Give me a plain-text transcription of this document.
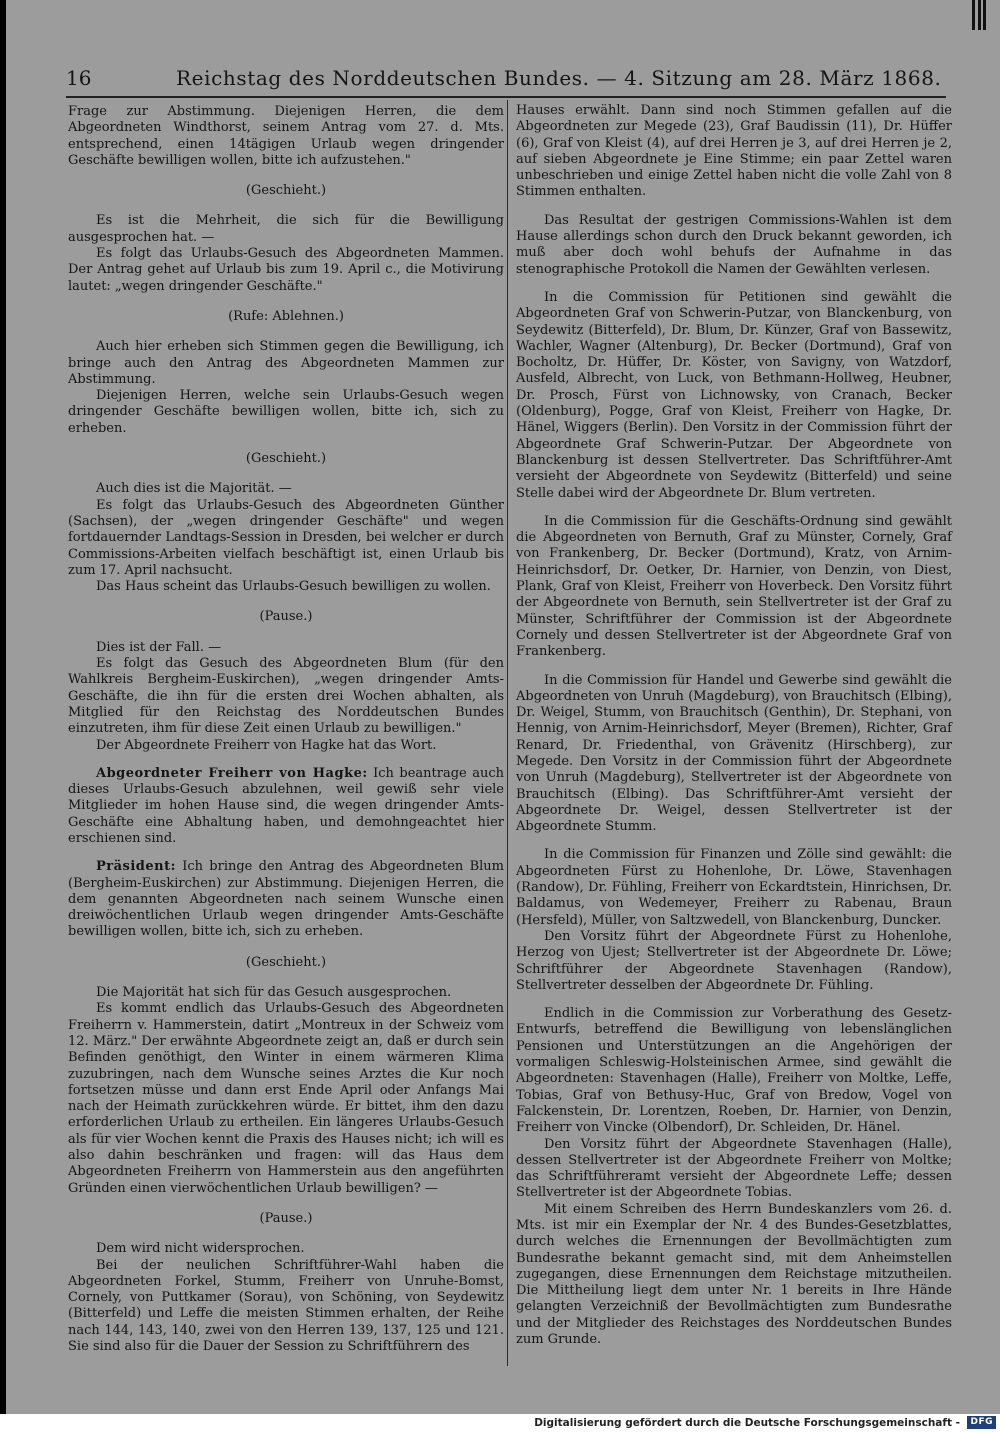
16	Reichstag des Norddeutschen Bundes. — 4. Sitzung am 28. März 1868.

Frage zur Abstimmung. Diejenigen Herren, die dem Abgeordneten Windthorst, seinem Antrag vom 27. d. Mts. entsprechend, einen 14tägigen Urlaub wegen dringender Geschäfte bewilligen wollen, bitte ich aufzustehen."

(Geschieht.)

Es ist die Mehrheit, die sich für die Bewilligung ausgesprochen hat. —

Es folgt das Urlaubs-Gesuch des Abgeordneten Mammen. Der Antrag gehet auf Urlaub bis zum 19. April c., die Motivirung lautet: „wegen dringender Geschäfte."

(Rufe: Ablehnen.)

Auch hier erheben sich Stimmen gegen die Bewilligung, ich bringe auch den Antrag des Abgeordneten Mammen zur Abstimmung.

Diejenigen Herren, welche sein Urlaubs-Gesuch wegen dringender Geschäfte bewilligen wollen, bitte ich, sich zu erheben.

(Geschieht.)

Auch dies ist die Majorität. —

Es folgt das Urlaubs-Gesuch des Abgeordneten Günther (Sachsen), der „wegen dringender Geschäfte" und wegen fortdauernder Landtags-Session in Dresden, bei welcher er durch Commissions-Arbeiten vielfach beschäftigt ist, einen Urlaub bis zum 17. April nachsucht.

Das Haus scheint das Urlaubs-Gesuch bewilligen zu wollen.

(Pause.)

Dies ist der Fall. —

Es folgt das Gesuch des Abgeordneten Blum (für den Wahlkreis Bergheim-Euskirchen), „wegen dringender Amts-Geschäfte, die ihn für die ersten drei Wochen abhalten, als Mitglied für den Reichstag des Norddeutschen Bundes einzutreten, ihm für diese Zeit einen Urlaub zu bewilligen."

Der Abgeordnete Freiherr von Hagke hat das Wort.

Abgeordneter Freiherr von Hagke: Ich beantrage auch dieses Urlaubs-Gesuch abzulehnen, weil gewiß sehr viele Mitglieder im hohen Hause sind, die wegen dringender Amts-Geschäfte eine Abhaltung haben, und demohngeachtet hier erschienen sind.

Präsident: Ich bringe den Antrag des Abgeordneten Blum (Bergheim-Euskirchen) zur Abstimmung. Diejenigen Herren, die dem genannten Abgeordneten nach seinem Wunsche einen dreiwöchentlichen Urlaub wegen dringender Amts-Geschäfte bewilligen wollen, bitte ich, sich zu erheben.

(Geschieht.)

Die Majorität hat sich für das Gesuch ausgesprochen.

Es kommt endlich das Urlaubs-Gesuch des Abgeordneten Freiherrn v. Hammerstein, datirt „Montreux in der Schweiz vom 12. März." Der erwähnte Abgeordnete zeigt an, daß er durch sein Befinden genöthigt, den Winter in einem wärmeren Klima zuzubringen, nach dem Wunsche seines Arztes die Kur noch fortsetzen müsse und dann erst Ende April oder Anfangs Mai nach der Heimath zurückkehren würde. Er bittet, ihm den dazu erforderlichen Urlaub zu ertheilen. Ein längeres Urlaubs-Gesuch als für vier Wochen kennt die Praxis des Hauses nicht; ich will es also dahin beschränken und fragen: will das Haus dem Abgeordneten Freiherrn von Hammerstein aus den angeführten Gründen einen vierwöchentlichen Urlaub bewilligen? —

(Pause.)

Dem wird nicht widersprochen.

Bei der neulichen Schriftführer-Wahl haben die Abgeordneten Forkel, Stumm, Freiherr von Unruhe-Bomst, Cornely, von Puttkamer (Sorau), von Schöning, von Seydewitz (Bitterfeld) und Leffe die meisten Stimmen erhalten, der Reihe nach 144, 143, 140, zwei von den Herren 139, 137, 125 und 121. Sie sind also für die Dauer der Session zu Schriftführern des

Hauses erwählt. Dann sind noch Stimmen gefallen auf die Abgeordneten zur Megede (23), Graf Baudissin (11), Dr. Hüffer (6), Graf von Kleist (4), auf drei Herren je 3, auf drei Herren je 2, auf sieben Abgeordnete je Eine Stimme; ein paar Zettel waren unbeschrieben und einige Zettel haben nicht die volle Zahl von 8 Stimmen enthalten.

Das Resultat der gestrigen Commissions-Wahlen ist dem Hause allerdings schon durch den Druck bekannt geworden, ich muß aber doch wohl behufs der Aufnahme in das stenographische Protokoll die Namen der Gewählten verlesen.

In die Commission für Petitionen sind gewählt die Abgeordneten Graf von Schwerin-Putzar, von Blanckenburg, von Seydewitz (Bitterfeld), Dr. Blum, Dr. Künzer, Graf von Bassewitz, Wachler, Wagner (Altenburg), Dr. Becker (Dortmund), Graf von Bocholtz, Dr. Hüffer, Dr. Köster, von Savigny, von Watzdorf, Ausfeld, Albrecht, von Luck, von Bethmann-Hollweg, Heubner, Dr. Prosch, Fürst von Lichnowsky, von Cranach, Becker (Oldenburg), Pogge, Graf von Kleist, Freiherr von Hagke, Dr. Hänel, Wiggers (Berlin). Den Vorsitz in der Commission führt der Abgeordnete Graf Schwerin-Putzar. Der Abgeordnete von Blanckenburg ist dessen Stellvertreter. Das Schriftführer-Amt versieht der Abgeordnete von Seydewitz (Bitterfeld) und seine Stelle dabei wird der Abgeordnete Dr. Blum vertreten.

In die Commission für die Geschäfts-Ordnung sind gewählt die Abgeordneten von Bernuth, Graf zu Münster, Cornely, Graf von Frankenberg, Dr. Becker (Dortmund), Kratz, von Arnim-Heinrichsdorf, Dr. Oetker, Dr. Harnier, von Denzin, von Diest, Plank, Graf von Kleist, Freiherr von Hoverbeck. Den Vorsitz führt der Abgeordnete von Bernuth, sein Stellvertreter ist der Graf zu Münster, Schriftführer der Commission ist der Abgeordnete Cornely und dessen Stellvertreter ist der Abgeordnete Graf von Frankenberg.

In die Commission für Handel und Gewerbe sind gewählt die Abgeordneten von Unruh (Magdeburg), von Brauchitsch (Elbing), Dr. Weigel, Stumm, von Brauchitsch (Genthin), Dr. Stephani, von Hennig, von Arnim-Heinrichsdorf, Meyer (Bremen), Richter, Graf Renard, Dr. Friedenthal, von Grävenitz (Hirschberg), zur Megede. Den Vorsitz in der Commission führt der Abgeordnete von Unruh (Magdeburg), Stellvertreter ist der Abgeordnete von Brauchitsch (Elbing). Das Schriftführer-Amt versieht der Abgeordnete Dr. Weigel, dessen Stellvertreter ist der Abgeordnete Stumm.

In die Commission für Finanzen und Zölle sind gewählt: die Abgeordneten Fürst zu Hohenlohe, Dr. Löwe, Stavenhagen (Randow), Dr. Fühling, Freiherr von Eckardtstein, Hinrichsen, Dr. Baldamus, von Wedemeyer, Freiherr zu Rabenau, Braun (Hersfeld), Müller, von Saltzwedell, von Blanckenburg, Duncker.

Den Vorsitz führt der Abgeordnete Fürst zu Hohenlohe, Herzog von Ujest; Stellvertreter ist der Abgeordnete Dr. Löwe; Schriftführer der Abgeordnete Stavenhagen (Randow), Stellvertreter desselben der Abgeordnete Dr. Fühling.

Endlich in die Commission zur Vorberathung des Gesetz-Entwurfs, betreffend die Bewilligung von lebenslänglichen Pensionen und Unterstützungen an die Angehörigen der vormaligen Schleswig-Holsteinischen Armee, sind gewählt die Abgeordneten: Stavenhagen (Halle), Freiherr von Moltke, Leffe, Tobias, Graf von Bethusy-Huc, Graf von Bredow, Vogel von Falckenstein, Dr. Lorentzen, Roeben, Dr. Harnier, von Denzin, Freiherr von Vincke (Olbendorf), Dr. Schleiden, Dr. Hänel.

Den Vorsitz führt der Abgeordnete Stavenhagen (Halle), dessen Stellvertreter ist der Abgeordnete Freiherr von Moltke; das Schriftführeramt versieht der Abgeordnete Leffe; dessen Stellvertreter ist der Abgeordnete Tobias.

Mit einem Schreiben des Herrn Bundeskanzlers vom 26. d. Mts. ist mir ein Exemplar der Nr. 4 des Bundes-Gesetzblattes, durch welches die Ernennungen der Bevollmächtigten zum Bundesrathe bekannt gemacht sind, mit dem Anheimstellen zugegangen, diese Ernennungen dem Reichstage mitzutheilen. Die Mittheilung liegt dem unter Nr. 1 bereits in Ihre Hände gelangten Verzeichniß der Bevollmächtigten zum Bundesrathe und der Mitglieder des Reichstages des Norddeutschen Bundes zum Grunde.

Digitalisierung gefördert durch die Deutsche Forschungsgemeinschaft -	DFG
